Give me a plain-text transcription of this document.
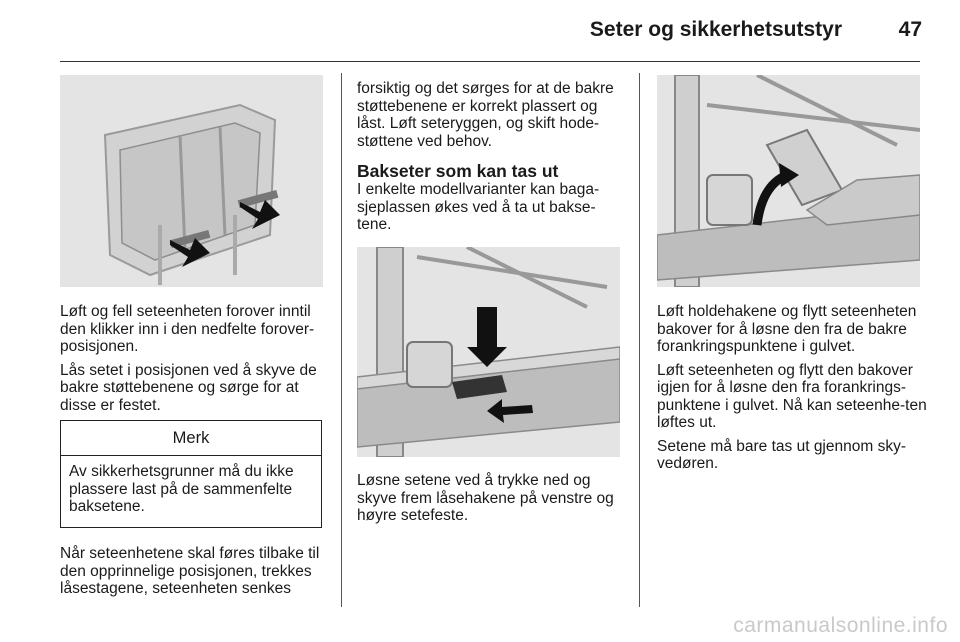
Seter og sikkerhetsutstyr	47

Løft og fell seteenheten forover inntil den klikker inn i den nedfelte forover-posisjonen.

Lås setet i posisjonen ved å skyve de bakre støttebenene og sørge for at disse er festet.

Merk
Av sikkerhetsgrunner må du ikke plassere last på de sammenfelte baksetene.

Når seteenhetene skal føres tilbake til den opprinnelige posisjonen, trekkes låsestagene, seteenheten senkes

forsiktig og det sørges for at de bakre støttebenene er korrekt plassert og låst. Løft seteryggen, og skift hode-støttene ved behov.

Bakseter som kan tas ut

I enkelte modellvarianter kan baga-sjeplassen økes ved å ta ut bakse-tene.

Løsne setene ved å trykke ned og skyve frem låsehakene på venstre og høyre setefeste.

Løft holdehakene og flytt seteenheten bakover for å løsne den fra de bakre forankringspunktene i gulvet.

Løft seteenheten og flytt den bakover igjen for å løsne den fra forankrings-punktene i gulvet. Nå kan seteenhe-ten løftes ut.

Setene må bare tas ut gjennom sky-vedøren.

carmanualsonline.info
